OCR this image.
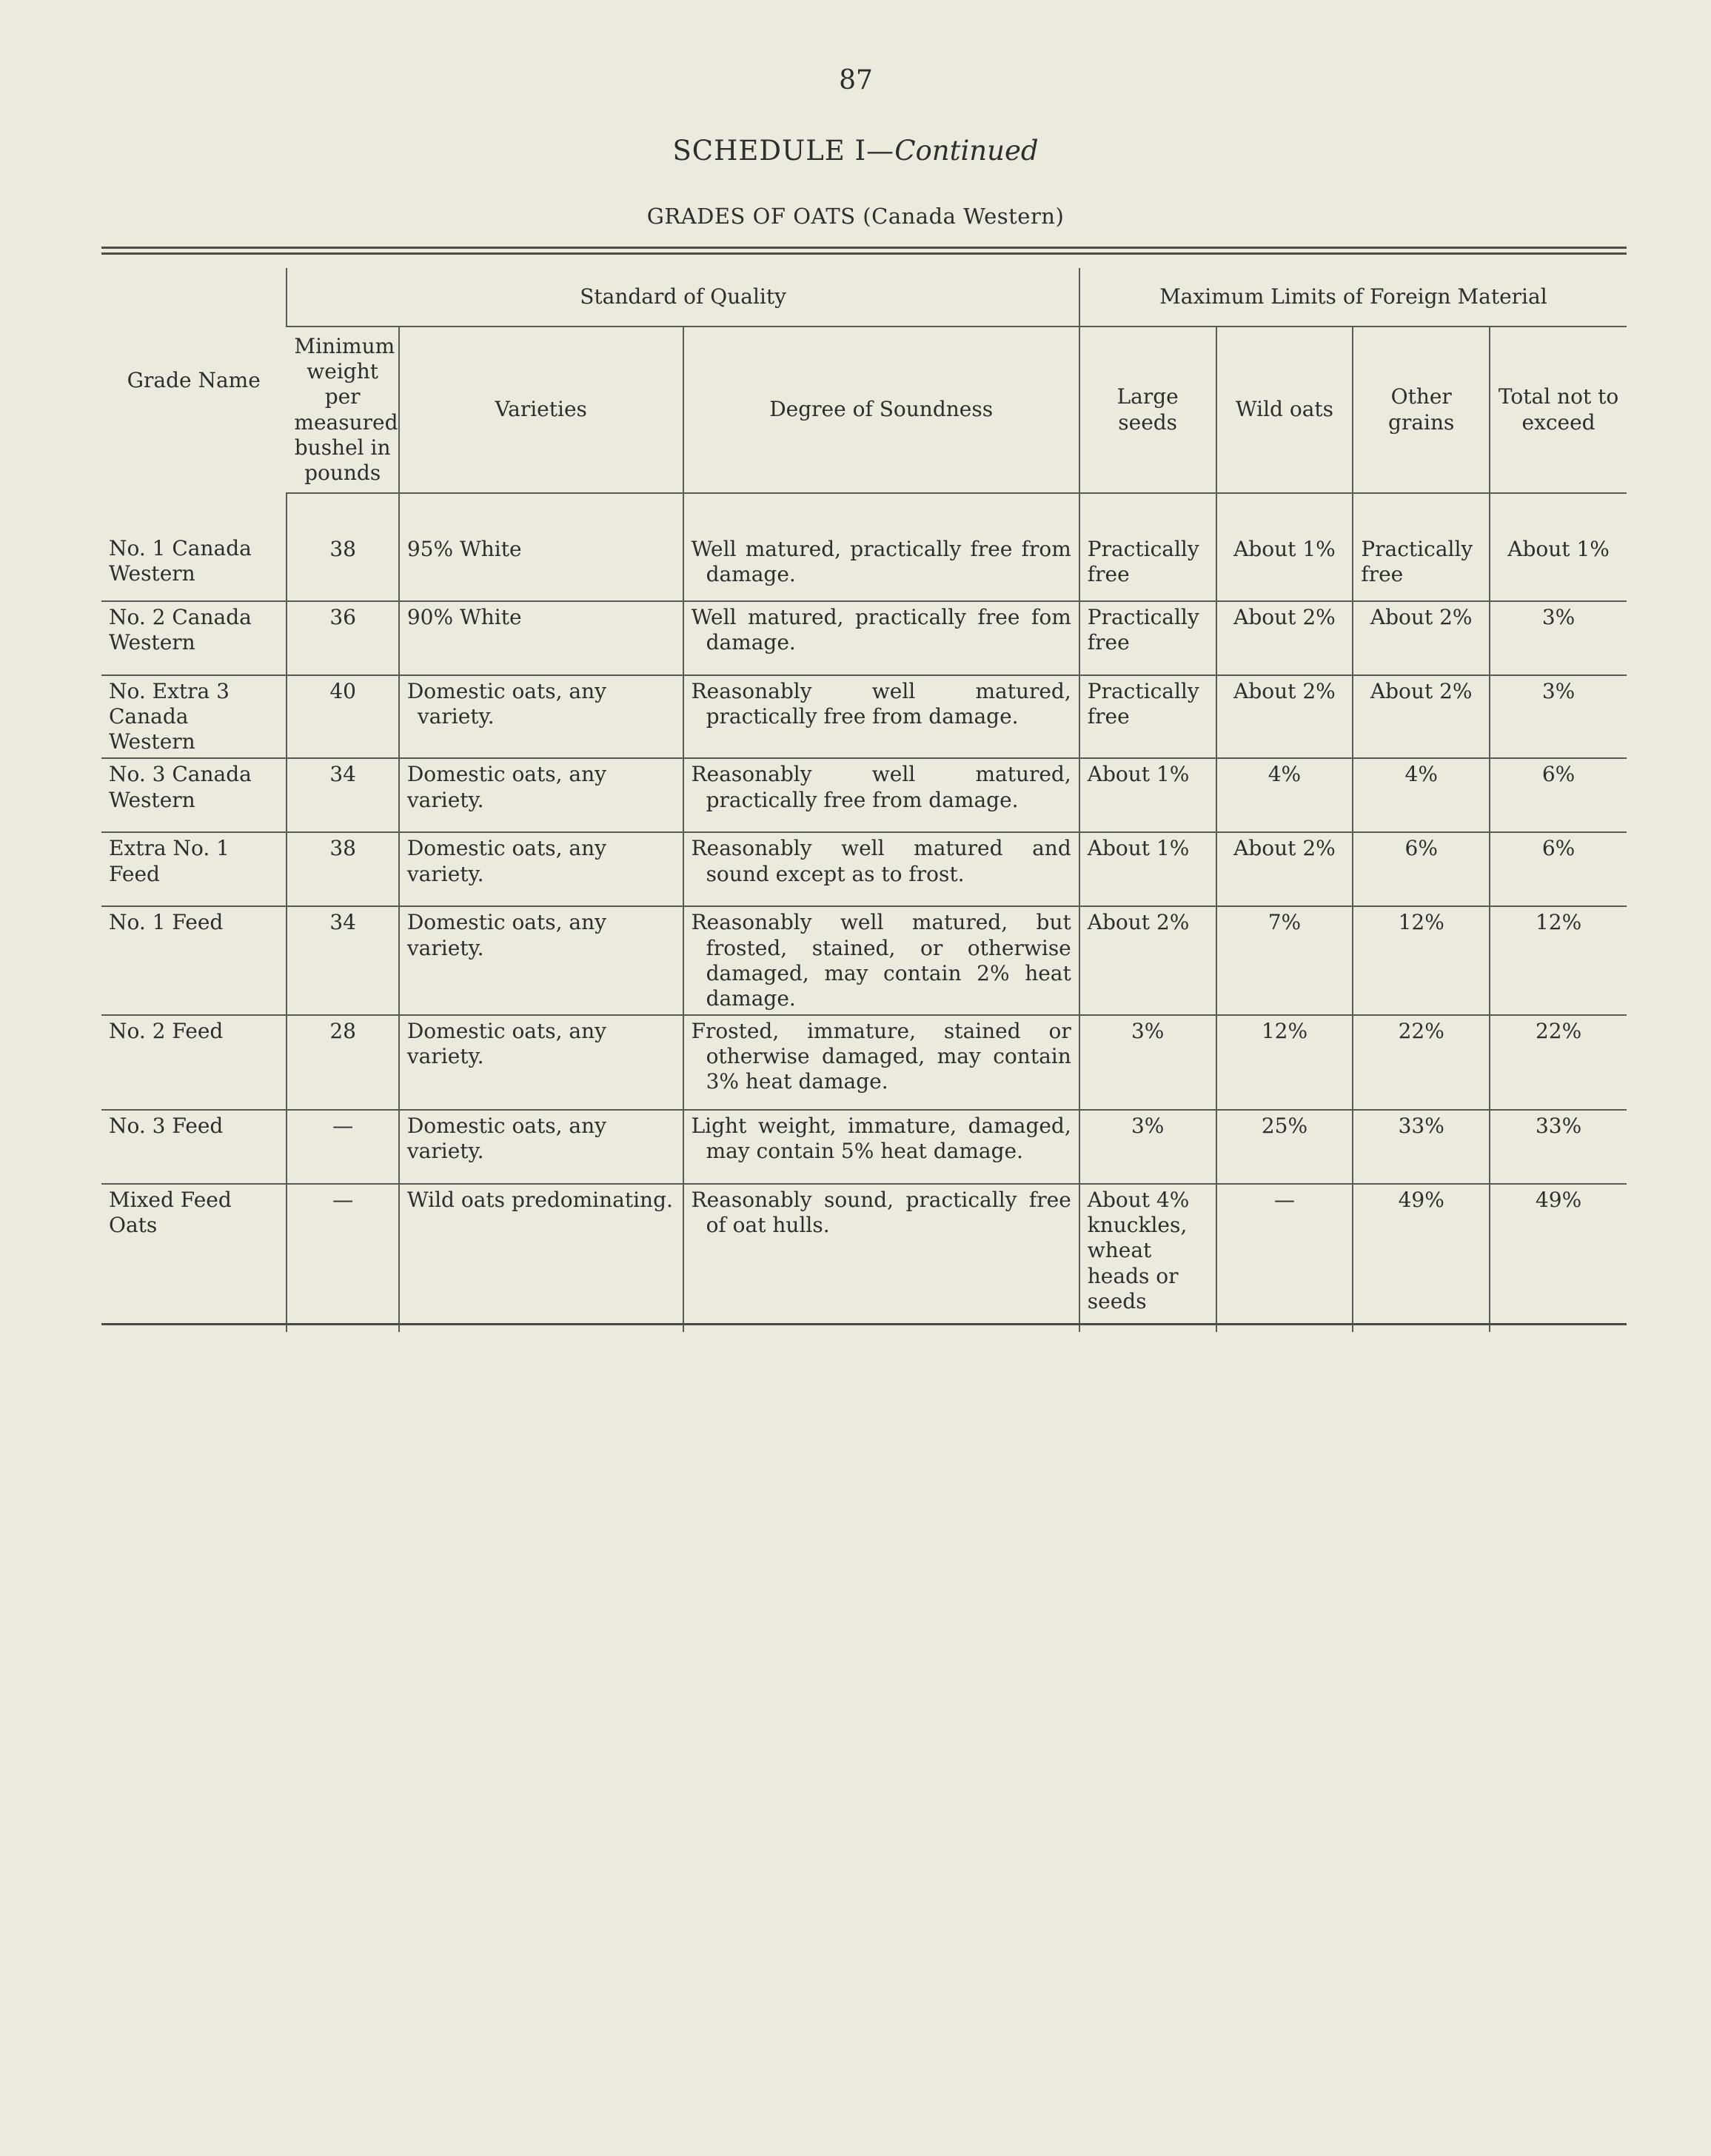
87
SCHEDULE I—Continued
GRADES OF OATS (Canada Western)
Grade Name	Standard of Quality			Maximum Limits of Foreign Material			
	Minimum weight per measured bushel in pounds	Varieties	Degree of Soundness	Large seeds	Wild oats	Other grains	Total not to exceed
No. 1 Canada Western	38	95% White	Well matured, practically free from damage.	Practically free	About 1%	Practically free	About 1%
No. 2 Canada Western	36	90% White	Well matured, practically free fom damage.	Practically free	About 2%	About 2%	3%
No. Extra 3 Canada Western	40	Domestic oats, any variety.	Reasonably well matured, practically free from damage.	Practically free	About 2%	About 2%	3%
No. 3 Canada Western	34	Domestic oats, any variety.	Reasonably well matured, practically free from damage.	About 1%	4%	4%	6%
Extra No. 1 Feed	38	Domestic oats, any variety.	Reasonably well matured and sound except as to frost.	About 1%	About 2%	6%	6%
No. 1 Feed	34	Domestic oats, any variety.	Reasonably well matured, but frosted, stained, or otherwise damaged, may contain 2% heat damage.	About 2%	7%	12%	12%
No. 2 Feed	28	Domestic oats, any variety.	Frosted, immature, stained or otherwise damaged, may contain 3% heat damage.	3%	12%	22%	22%
No. 3 Feed	—	Domestic oats, any variety.	Light weight, immature, damaged, may contain 5% heat damage.	3%	25%	33%	33%
Mixed Feed Oats	—	Wild oats predominating.	Reasonably sound, practically free of oat hulls.	About 4% knuckles, wheat heads or seeds	—	49%	49%
